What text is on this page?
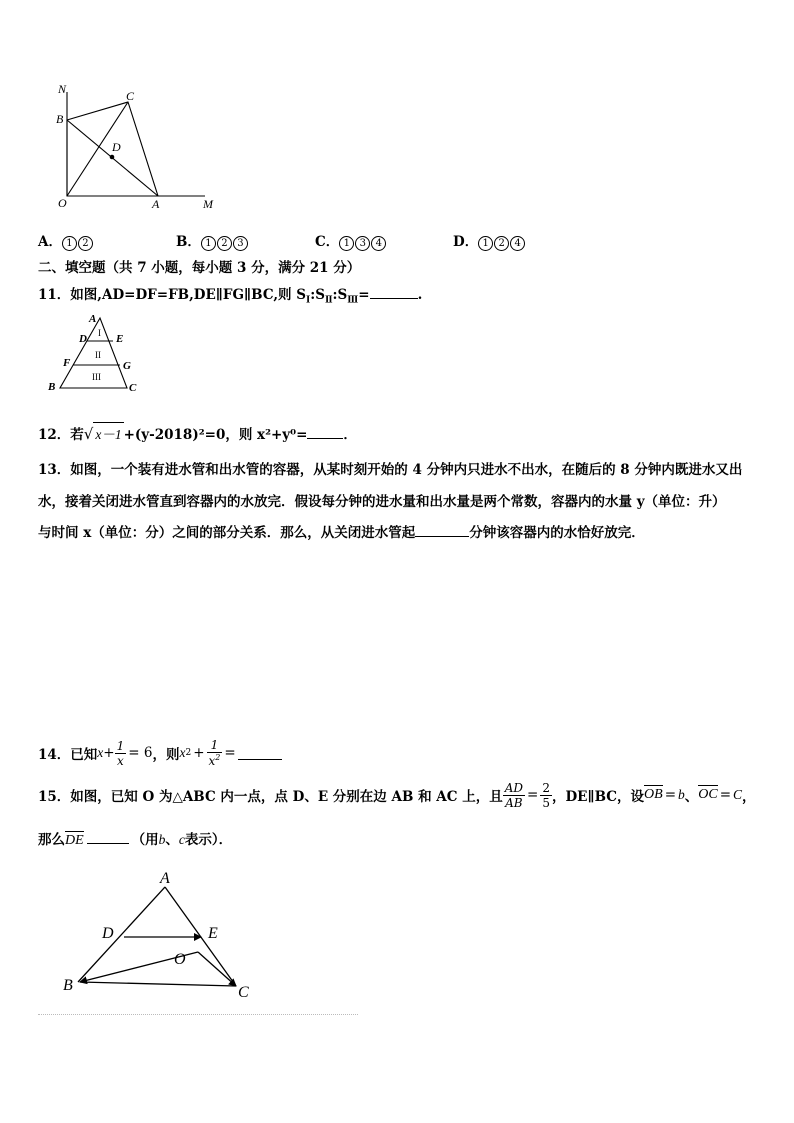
N	C
B
D
O	A	M
A． 1 2	B． 1 2 3	C． 1 3 4	D． 1 2 4
二、填空题（共 7 小题，每小题 3 分，满分 21 分）
11．如图,AD=DF=FB,DE∥FG∥BC,则 $S_Ⅰ:S_Ⅱ:S_Ⅲ=$	.
A
I
D	E
II
F	G
III
B	C
12．若√ x－1 +(y-2018)²=0，则 x²+y⁰=	．
13．如图，一个装有进水管和出水管的容器，从某时刻开始的 4 分钟内只进水不出水，在随后的 8 分钟内既进水又出
水，接着关闭进水管直到容器内的水放完．假设每分钟的进水量和出水量是两个常数，容器内的水量 y（单位：升）
与时间 x（单位：分）之间的部分关系．那么，从关闭进水管起	分钟该容器内的水恰好放完．
14．已知 $x + \frac{1}{x} = 6$ ，则 x $2 + \frac{1}{x^2}$ =
15．如图，已知 O 为△ABC 内一点，点 D、E 分别在边 AB 和 AC 上，且 $\frac{AD}{AB} = \frac{2}{5}$ ，DE∥BC，设 OB = b 、 OC = C ，
那么 DE	（用 b 、 c 表示）．
A
D	E
O
B	C
